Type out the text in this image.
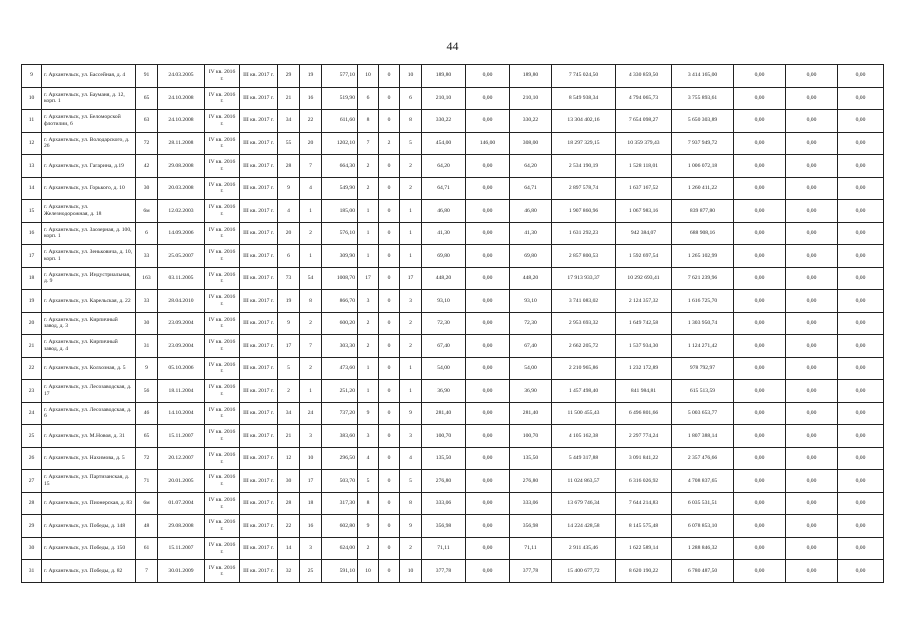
44
9	г. Архангельск, ул. Бассейная, д. 4	91	24.03.2005	IV кв. 2016 г.	III кв. 2017 г.	29	19	577,10	10	0	10	189,80	0,00	189,80	7 745 024,50	4 330 859,50	3 414 165,00	0,00	0,00	0,00
10	г. Архангельск, ул. Бауманя, д. 12, корп. 1	65	24.10.2008	IV кв. 2016 г.	III кв. 2017 г.	21	16	519,90	6	0	6	210,10	0,00	210,10	8 549 938,34	4 794 065,73	3 755 893,61	0,00	0,00	0,00
11	г. Архангельск, ул. Беломорской флотилии, 6	63	24.10.2008	IV кв. 2016 г.	III кв. 2017 г.	34	22	611,60	8	0	8	330,22	0,00	330,22	13 304 402,16	7 654 098,27	5 650 303,89	0,00	0,00	0,00
12	г. Архангельск, ул. Володарского, д. 26	72	28.11.2008	IV кв. 2016 г.	III кв. 2017 г.	55	20	1202,10	7	2	5	454,00	146,00	308,00	18 297 329,15	10 359 379,43	7 937 949,72	0,00	0,00	0,00
13	г. Архангельск, ул. Гагарина, д.19	42	29.08.2008	IV кв. 2016 г.	III кв. 2017 г.	28	7	664,30	2	0	2	64,20	0,00	64,20	2 534 190,19	1 528 118,01	1 006 072,18	0,00	0,00	0,00
14	г. Архангельск, ул. Горького, д. 10	30	20.03.2008	IV кв. 2016 г.	III кв. 2017 г.	9	4	549,90	2	0	2	64,71	0,00	64,71	2 897 578,74	1 637 167,52	1 260 411,22	0,00	0,00	0,00
15	г. Архангельск, ул. Железнодорожная, д. 18	6м	12.02.2003	IV кв. 2016 г.	III кв. 2017 г.	4	1	185,00	1	0	1	46,80	0,00	46,80	1 907 860,96	1 067 983,16	839 877,80	0,00	0,00	0,00
16	г. Архангельск, ул. Заозерная, д. 100, корп. 1	6	14.09.2006	IV кв. 2016 г.	III кв. 2017 г.	20	2	576,10	1	0	1	41,30	0,00	41,30	1 631 292,23	942 384,07	688 908,16	0,00	0,00	0,00
17	г. Архангельск, ул. Зеньковича, д. 10, корп. 1	33	25.05.2007	IV кв. 2016 г.	III кв. 2017 г.	6	1	309,90	1	0	1	69,80	0,00	69,80	2 857 800,53	1 592 697,54	1 265 102,99	0,00	0,00	0,00
18	г. Архангельск, ул. Индустриальная, д. 9	163	03.11.2005	IV кв. 2016 г.	III кв. 2017 г.	73	54	1008,70	17	0	17	448,20	0,00	448,20	17 913 933,37	10 292 693,41	7 621 239,96	0,00	0,00	0,00
19	г. Архангельск, ул. Карельская, д. 22	33	28.04.2010	IV кв. 2016 г.	III кв. 2017 г.	19	8	866,70	3	0	3	93,10	0,00	93,10	3 741 083,02	2 124 357,32	1 616 725,70	0,00	0,00	0,00
20	г. Архангельск, ул. Кирпичный завод, д. 3	30	23.09.2004	IV кв. 2016 г.	III кв. 2017 г.	9	2	600,20	2	0	2	72,30	0,00	72,30	2 953 693,32	1 649 742,58	1 303 950,74	0,00	0,00	0,00
21	г. Архангельск, ул. Кирпичный завод, д. 4	31	23.09.2004	IV кв. 2016 г.	III кв. 2017 г.	17	7	303,30	2	0	2	67,40	0,00	67,40	2 662 205,72	1 537 934,30	1 124 271,42	0,00	0,00	0,00
22	г. Архангельск, ул. Колхозная, д. 5	9	05.10.2006	IV кв. 2016 г.	III кв. 2017 г.	5	2	473,60	1	0	1	54,00	0,00	54,00	2 210 965,86	1 232 172,89	978 792,97	0,00	0,00	0,00
23	г. Архангельск, ул. Лесозаводская, д. 17	56	18.11.2004	IV кв. 2016 г.	III кв. 2017 г.	2	1	251,20	1	0	1	36,90	0,00	36,90	1 457 498,40	841 984,81	615 513,59	0,00	0,00	0,00
24	г. Архангельск, ул. Лесозаводская, д. 6	46	14.10.2004	IV кв. 2016 г.	III кв. 2017 г.	34	24	737,20	9	0	9	281,40	0,00	281,40	11 500 455,43	6 496 801,66	5 003 653,77	0,00	0,00	0,00
25	г. Архангельск, ул. М.Новоя, д. 31	65	15.11.2007	IV кв. 2016 г.	III кв. 2017 г.	21	3	383,60	3	0	3	100,70	0,00	100,70	4 105 162,38	2 297 774,24	1 807 388,14	0,00	0,00	0,00
26	г. Архангельск, ул. Нахимова, д. 5	72	20.12.2007	IV кв. 2016 г.	III кв. 2017 г.	12	10	296,50	4	0	4	135,50	0,00	135,50	5 449 317,88	3 091 841,22	2 357 476,66	0,00	0,00	0,00
27	г. Архангельск, ул. Партизанская, д. 15	71	20.01.2005	IV кв. 2016 г.	III кв. 2017 г.	30	17	503,70	5	0	5	276,80	0,00	276,80	11 024 863,57	6 316 026,92	4 708 837,65	0,00	0,00	0,00
28	г. Архангельск, ул. Пионерская, д. 83	6м	01.07.2004	IV кв. 2016 г.	III кв. 2017 г.	28	18	317,30	8	0	8	333,06	0,00	333,06	13 679 746,34	7 644 214,83	6 035 531,51	0,00	0,00	0,00
29	г. Архангельск, ул. Победы, д. 148	48	29.08.2008	IV кв. 2016 г.	III кв. 2017 г.	22	16	602,80	9	0	9	356,98	0,00	356,98	14 224 428,58	8 145 575,48	6 078 853,10	0,00	0,00	0,00
30	г. Архангельск, ул. Победы, д. 150	61	15.11.2007	IV кв. 2016 г.	III кв. 2017 г.	14	3	624,00	2	0	2	71,11	0,00	71,11	2 911 435,46	1 622 589,14	1 288 846,32	0,00	0,00	0,00
31	г. Архангельск, ул. Победы, д. 82	7	30.01.2009	IV кв. 2016 г.	III кв. 2017 г.	32	25	591,10	10	0	10	377,78	0,00	377,78	15 400 677,72	8 620 190,22	6 780 487,50	0,00	0,00	0,00
